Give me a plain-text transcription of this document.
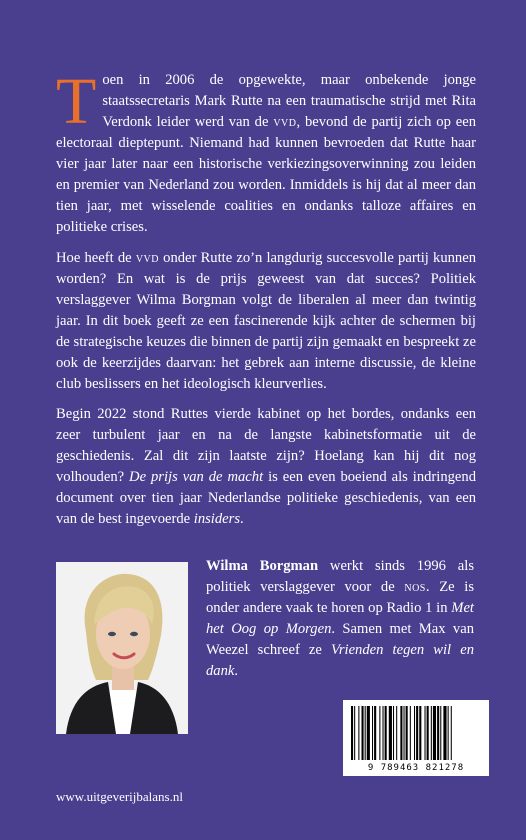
Toen in 2006 de opgewekte, maar onbekende jonge staatssecretaris Mark Rutte na een traumatische strijd met Rita Verdonk leider werd van de vvd, bevond de partij zich op een electoraal dieptepunt. Niemand had kunnen bevroeden dat Rutte haar vier jaar later naar een historische verkiezingsoverwinning zou leiden en premier van Nederland zou worden. Inmiddels is hij dat al meer dan tien jaar, met wisselende coalities en ondanks talloze affaires en politieke crises.
Hoe heeft de vvd onder Rutte zo’n langdurig succesvolle partij kunnen worden? En wat is de prijs geweest van dat succes? Politiek verslaggever Wilma Borgman volgt de liberalen al meer dan twintig jaar. In dit boek geeft ze een fascinerende kijk achter de schermen bij de strategische keuzes die binnen de partij zijn gemaakt en bespreekt ze ook de keerzijdes daarvan: het gebrek aan interne discussie, de kleine club beslissers en het ideologisch kleurverlies.
Begin 2022 stond Ruttes vierde kabinet op het bordes, ondanks een zeer turbulent jaar en na de langste kabinetsformatie uit de geschiedenis. Zal dit zijn laatste zijn? Hoelang kan hij dit nog volhouden? De prijs van de macht is een even boeiend als indringend document over tien jaar Nederlandse politieke geschiedenis, van een van de best ingevoerde insiders.
Wilma Borgman werkt sinds 1996 als politiek verslaggever voor de nos. Ze is onder andere vaak te horen op Radio 1 in Met het Oog op Morgen. Samen met Max van Weezel schreef ze Vrienden tegen wil en dank.
9 789463 821278
www.uitgeverijbalans.nl
